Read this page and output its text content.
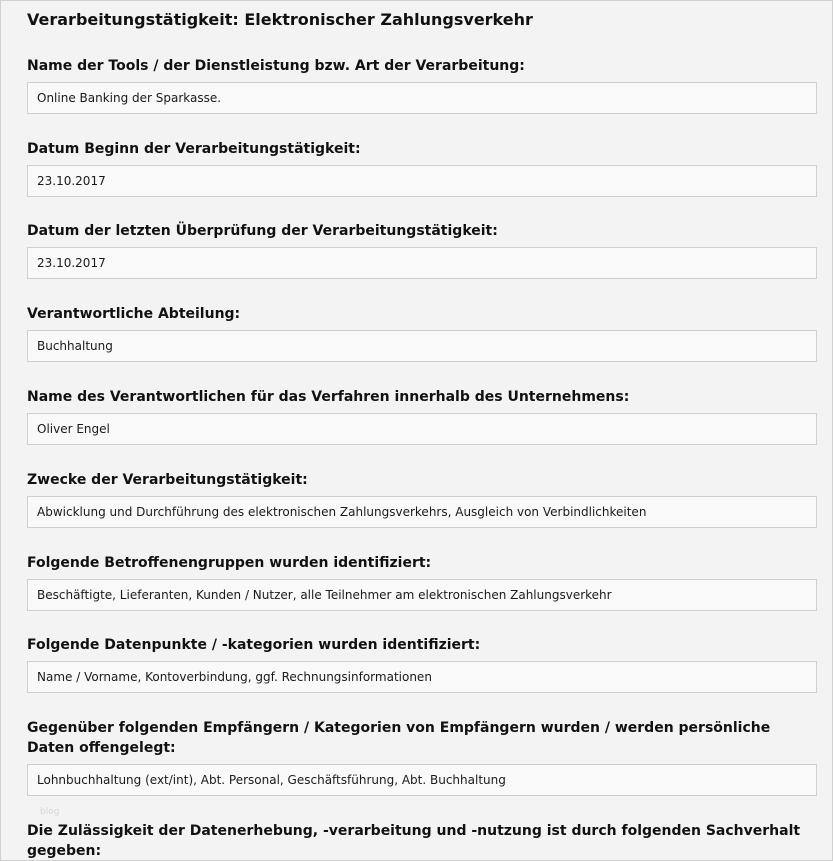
Verarbeitungstätigkeit: Elektronischer Zahlungsverkehr
Name der Tools / der Dienstleistung bzw. Art der Verarbeitung:
Online Banking der Sparkasse.
Datum Beginn der Verarbeitungstätigkeit:
23.10.2017
Datum der letzten Überprüfung der Verarbeitungstätigkeit:
23.10.2017
Verantwortliche Abteilung:
Buchhaltung
Name des Verantwortlichen für das Verfahren innerhalb des Unternehmens:
Oliver Engel
Zwecke der Verarbeitungstätigkeit:
Abwicklung und Durchführung des elektronischen Zahlungsverkehrs, Ausgleich von Verbindlichkeiten
Folgende Betroffenengruppen wurden identifiziert:
Beschäftigte, Lieferanten, Kunden / Nutzer, alle Teilnehmer am elektronischen Zahlungsverkehr
Folgende Datenpunkte / -kategorien wurden identifiziert:
Name / Vorname, Kontoverbindung, ggf. Rechnungsinformationen
Gegenüber folgenden Empfängern / Kategorien von Empfängern wurden / werden persönliche Daten offengelegt:
Lohnbuchhaltung (ext/int), Abt. Personal, Geschäftsführung, Abt. Buchhaltung
Die Zulässigkeit der Datenerhebung, -verarbeitung und -nutzung ist durch folgenden Sachverhalt gegeben:
blog
